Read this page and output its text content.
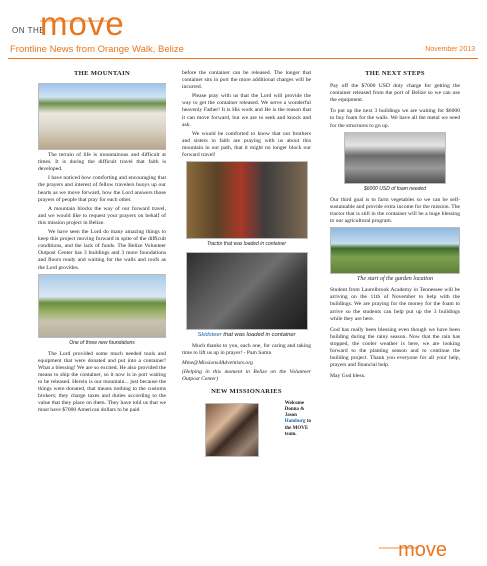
ON THE
move
Frontline News from Orange Walk, Belize	November 2013
THE MOUNTAIN

The terrain of life is mountainous and difficult at times. It is during the difficult travel that faith is developed.

I have noticed how comforting and encouraging that the prayers and interest of fellow travelers buoys up our hearts as we move forward, how the Lord answers those prayers of people that pray for each other.

A mountain blocks the way of our forward travel, and we would like to request your prayers on behalf of this mission project in Belize.

We have seen the Lord do many amazing things to keep this project moving forward in spite of the difficult conditions, and the lack of funds. The Belize Volunteer Outpost Center has 3 buildings and 3 more foundations and floors ready and waiting for the walls and roofs as the Lord provides.

One of three new foundations

The Lord provided some much needed tools and equipment that were donated and put into a container! What a blessing! We are so excited. He also provided the means to ship the container, so it now is in port waiting to be released. Herein is our mountain... just because the things were donated, that means nothing to the customs brokers; they charge taxes and duties according to the value that they place on them. They have told us that we must have $7000 American dollars to be paid

before the container can be released. The longer that container sits in port the more additional charges will be incurred.

Please pray with us that the Lord will provide the way to get the container released. We serve a wonderful heavenly Father! It is His work and He is the reason that it can move forward, but we are to seek and knock and ask.

We would be comforted to know that our brothers and sisters in faith are praying with us about this mountain in our path, that it might no longer block our forward travel!

Tractor that was loaded in container
Skidsteer that was loaded in container

Much thanks to you, each one, for caring and taking time to lift us up in prayer! - Pam Sumn

Mme@Missions4Adventists.org

(Helping in this moment in Belize on the Volunteer Outpost Center)

NEW MISSIONARIES
Welcome
Donna &
Jason
Hamburg to
the MOVE
team.
THE NEXT STEPS

Pay off the $7000 USD duty charge for getting the container released from the port of Belize so we can use the equipment.

To put up the next 3 buildings we are waiting for $6000 to buy foam for the walls. We have all the metal we need for the structures to go up.

$6000 USD of foam needed

Our third goal is to farm vegetables so we can be self-sustainable and provide extra income for the mission. The tractor that is still in the container will be a huge blessing to our agricultural program.

The start of the garden location

Student from Laurelbrook Academy in Tennessee will be arriving on the 11th of November to help with the buildings. We are praying for the money for the foam to arrive so the students can help put up the 3 buildings while they are here.

God has really been blessing even though we have been building during the rainy season. Now that the rain has stopped, the cooler weather is here, we are looking forward to the planting season and to continue the building project. Thank you everyone for all your help, prayers and financial help.

May God bless.

move
